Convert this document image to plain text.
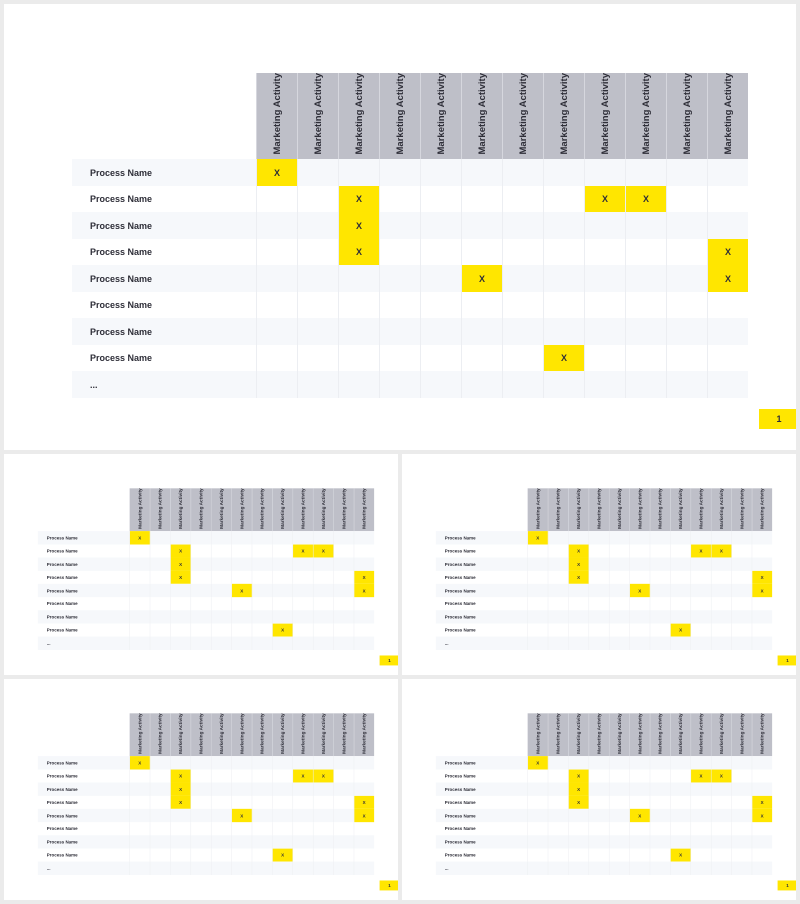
	Marketing Activity	Marketing Activity	Marketing Activity	Marketing Activity	Marketing Activity	Marketing Activity	Marketing Activity	Marketing Activity	Marketing Activity	Marketing Activity	Marketing Activity	Marketing Activity
Process Name	X											
Process Name			X						X	X		
Process Name			X									
Process Name			X									X
Process Name						X						X
Process Name												
Process Name												
Process Name								X				
...												
1
	Marketing Activity	Marketing Activity	Marketing Activity	Marketing Activity	Marketing Activity	Marketing Activity	Marketing Activity	Marketing Activity	Marketing Activity	Marketing Activity	Marketing Activity	Marketing Activity
Process Name	X											
Process Name			X						X	X		
Process Name			X									
Process Name			X									X
Process Name						X						X
Process Name												
Process Name												
Process Name								X				
...												
1
	Marketing Activity	Marketing Activity	Marketing Activity	Marketing Activity	Marketing Activity	Marketing Activity	Marketing Activity	Marketing Activity	Marketing Activity	Marketing Activity	Marketing Activity	Marketing Activity
Process Name	X											
Process Name			X						X	X		
Process Name			X									
Process Name			X									X
Process Name						X						X
Process Name												
Process Name												
Process Name								X				
...												
1
	Marketing Activity	Marketing Activity	Marketing Activity	Marketing Activity	Marketing Activity	Marketing Activity	Marketing Activity	Marketing Activity	Marketing Activity	Marketing Activity	Marketing Activity	Marketing Activity
Process Name	X											
Process Name			X						X	X		
Process Name			X									
Process Name			X									X
Process Name						X						X
Process Name												
Process Name												
Process Name								X				
...												
1
	Marketing Activity	Marketing Activity	Marketing Activity	Marketing Activity	Marketing Activity	Marketing Activity	Marketing Activity	Marketing Activity	Marketing Activity	Marketing Activity	Marketing Activity	Marketing Activity
Process Name	X											
Process Name			X						X	X		
Process Name			X									
Process Name			X									X
Process Name						X						X
Process Name												
Process Name												
Process Name								X				
...												
1
